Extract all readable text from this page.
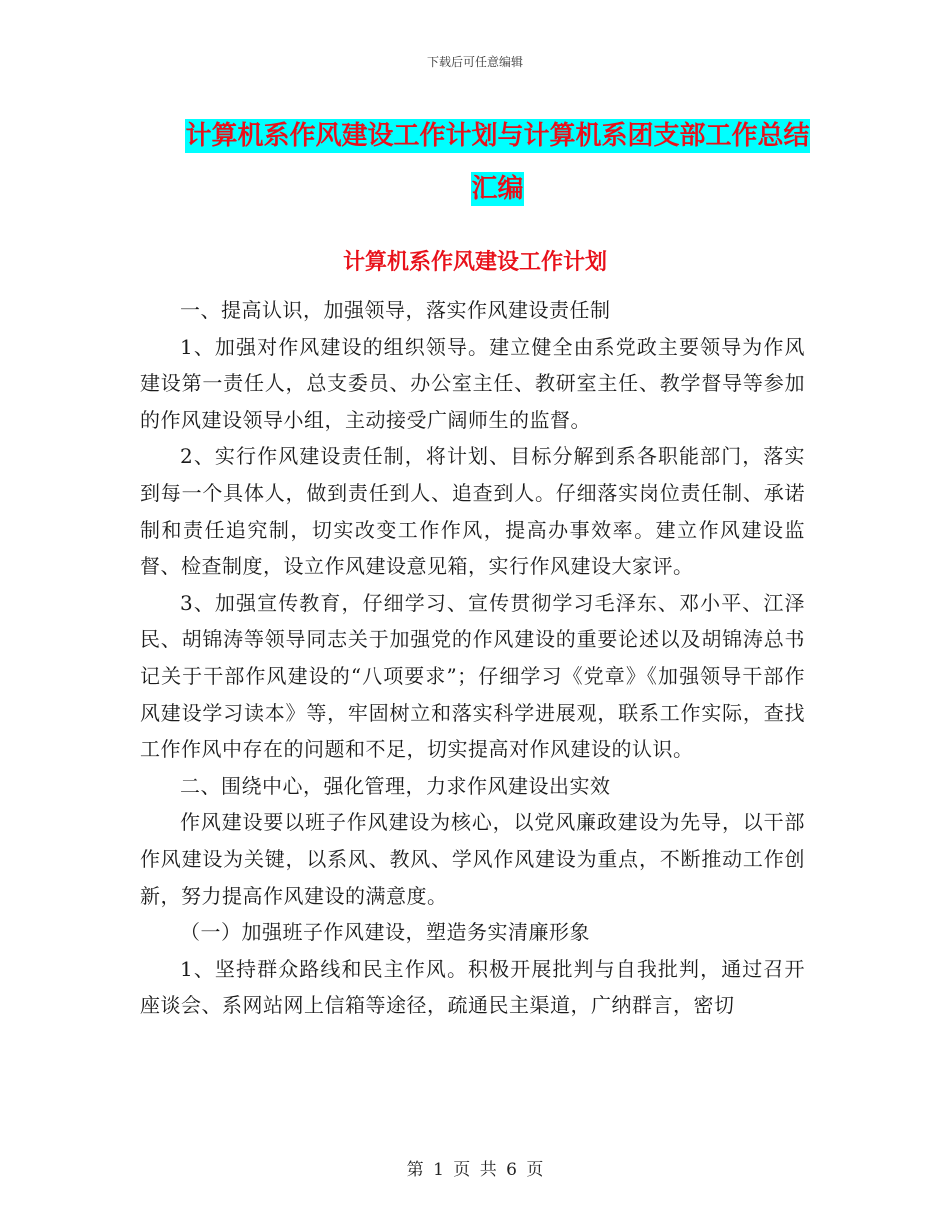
下载后可任意编辑
计算机系作风建设工作计划与计算机系团支部工作总结汇编
计算机系作风建设工作计划

一、提高认识，加强领导，落实作风建设责任制

1、加强对作风建设的组织领导。建立健全由系党政主要领导为作风建设第一责任人，总支委员、办公室主任、教研室主任、教学督导等参加的作风建设领导小组，主动接受广阔师生的监督。

2、实行作风建设责任制，将计划、目标分解到系各职能部门，落实到每一个具体人，做到责任到人、追查到人。仔细落实岗位责任制、承诺制和责任追究制，切实改变工作作风，提高办事效率。建立作风建设监督、检查制度，设立作风建设意见箱，实行作风建设大家评。

3、加强宣传教育，仔细学习、宣传贯彻学习毛泽东、邓小平、江泽民、胡锦涛等领导同志关于加强党的作风建设的重要论述以及胡锦涛总书记关于干部作风建设的“八项要求”；仔细学习《党章》《加强领导干部作风建设学习读本》等，牢固树立和落实科学进展观，联系工作实际，查找工作作风中存在的问题和不足，切实提高对作风建设的认识。

二、围绕中心，强化管理，力求作风建设出实效

作风建设要以班子作风建设为核心，以党风廉政建设为先导，以干部作风建设为关键，以系风、教风、学风作风建设为重点，不断推动工作创新，努力提高作风建设的满意度。

（一）加强班子作风建设，塑造务实清廉形象

1、坚持群众路线和民主作风。积极开展批判与自我批判，通过召开座谈会、系网站网上信箱等途径，疏通民主渠道，广纳群言，密切

第 1 页 共 6 页
